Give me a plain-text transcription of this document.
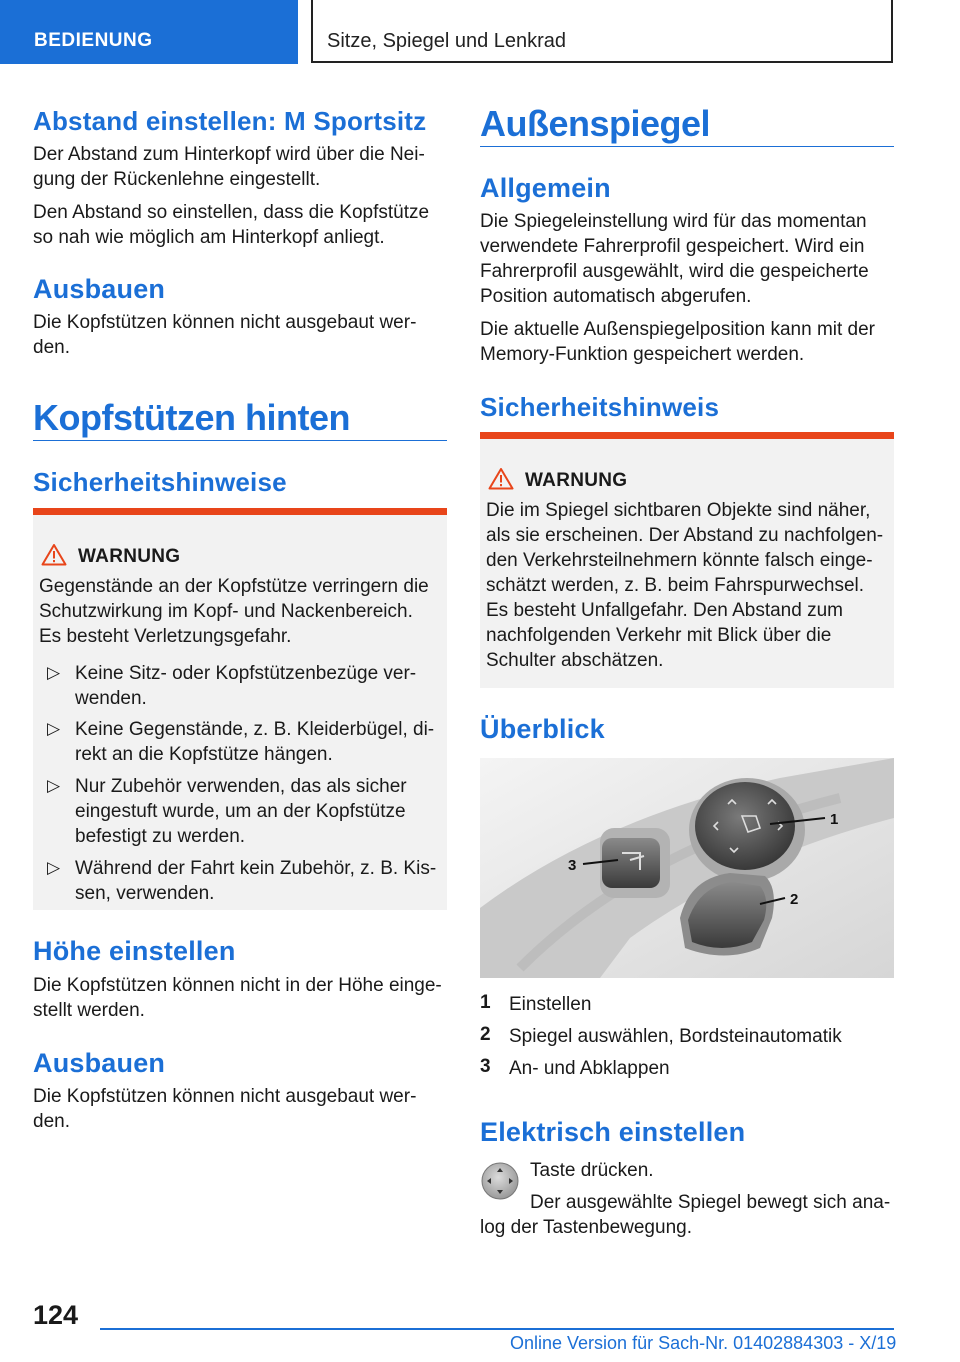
BEDIENUNG	Sitze, Spiegel und Lenkrad
Abstand einstellen: M Sportsitz
Der Abstand zum Hinterkopf wird über die Nei-
gung der Rückenlehne eingestellt.
Den Abstand so einstellen, dass die Kopfstütze
so nah wie möglich am Hinterkopf anliegt.
Ausbauen
Die Kopfstützen können nicht ausgebaut wer-
den.
Kopfstützen hinten
Sicherheitshinweise
WARNUNG
Gegenstände an der Kopfstütze verringern die
Schutzwirkung im Kopf- und Nackenbereich.
Es besteht Verletzungsgefahr.
▷ Keine Sitz- oder Kopfstützenbezüge ver-
wenden.
▷ Keine Gegenstände, z. B. Kleiderbügel, di-
rekt an die Kopfstütze hängen.
▷ Nur Zubehör verwenden, das als sicher
eingestuft wurde, um an der Kopfstütze
befestigt zu werden.
▷ Während der Fahrt kein Zubehör, z. B. Kis-
sen, verwenden.
Höhe einstellen
Die Kopfstützen können nicht in der Höhe einge-
stellt werden.
Ausbauen
Die Kopfstützen können nicht ausgebaut wer-
den.
Außenspiegel
Allgemein
Die Spiegeleinstellung wird für das momentan
verwendete Fahrerprofil gespeichert. Wird ein
Fahrerprofil ausgewählt, wird die gespeicherte
Position automatisch abgerufen.
Die aktuelle Außenspiegelposition kann mit der
Memory-Funktion gespeichert werden.
Sicherheitshinweis
WARNUNG
Die im Spiegel sichtbaren Objekte sind näher,
als sie erscheinen. Der Abstand zu nachfolgen-
den Verkehrsteilnehmern könnte falsch einge-
schätzt werden, z. B. beim Fahrspurwechsel.
Es besteht Unfallgefahr. Den Abstand zum
nachfolgenden Verkehr mit Blick über die
Schulter abschätzen.
Überblick
1
2
3
1 Einstellen
2 Spiegel auswählen, Bordsteinautomatik
3 An- und Abklappen
Elektrisch einstellen
Taste drücken.
Der ausgewählte Spiegel bewegt sich ana-
log der Tastenbewegung.
124
Online Version für Sach-Nr. 01402884303 - X/19
